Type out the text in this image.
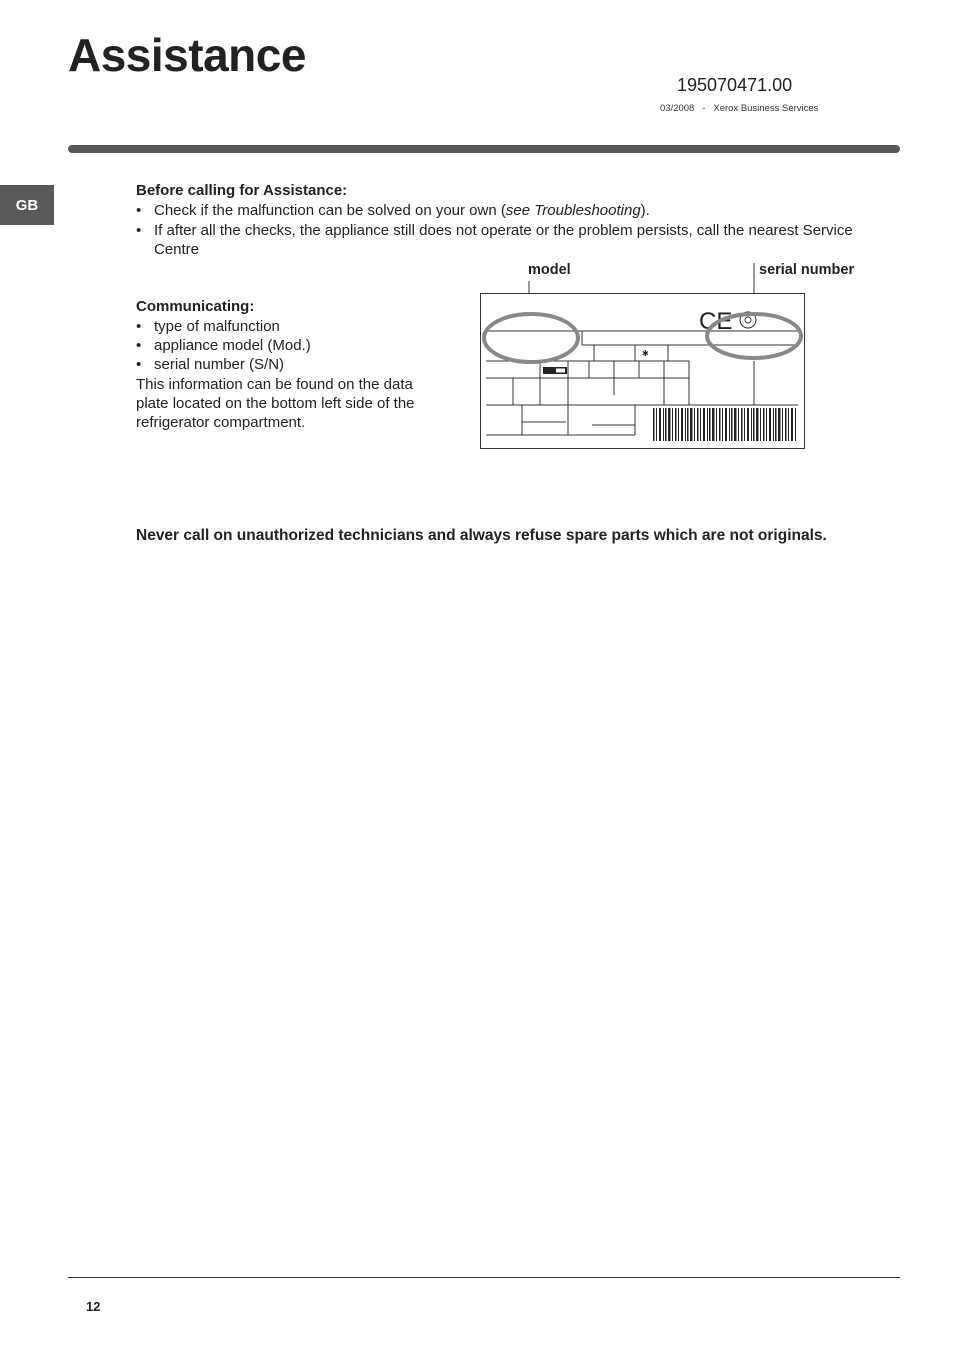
Assistance
195070471.00
03/2008 - Xerox Business Services
GB
Before calling for Assistance:
• Check if the malfunction can be solved on your own (see Troubleshooting).
• If after all the checks, the appliance still does not operate or the problem persists, call the nearest Service
Centre
Communicating:
• type of malfunction
• appliance model (Mod.)
• serial number (S/N)
This information can be found on the data
plate located on the bottom left side of the
refrigerator compartment.
model	serial number
✱
CE
Never call on unauthorized technicians and always refuse spare parts which are not originals.
12
